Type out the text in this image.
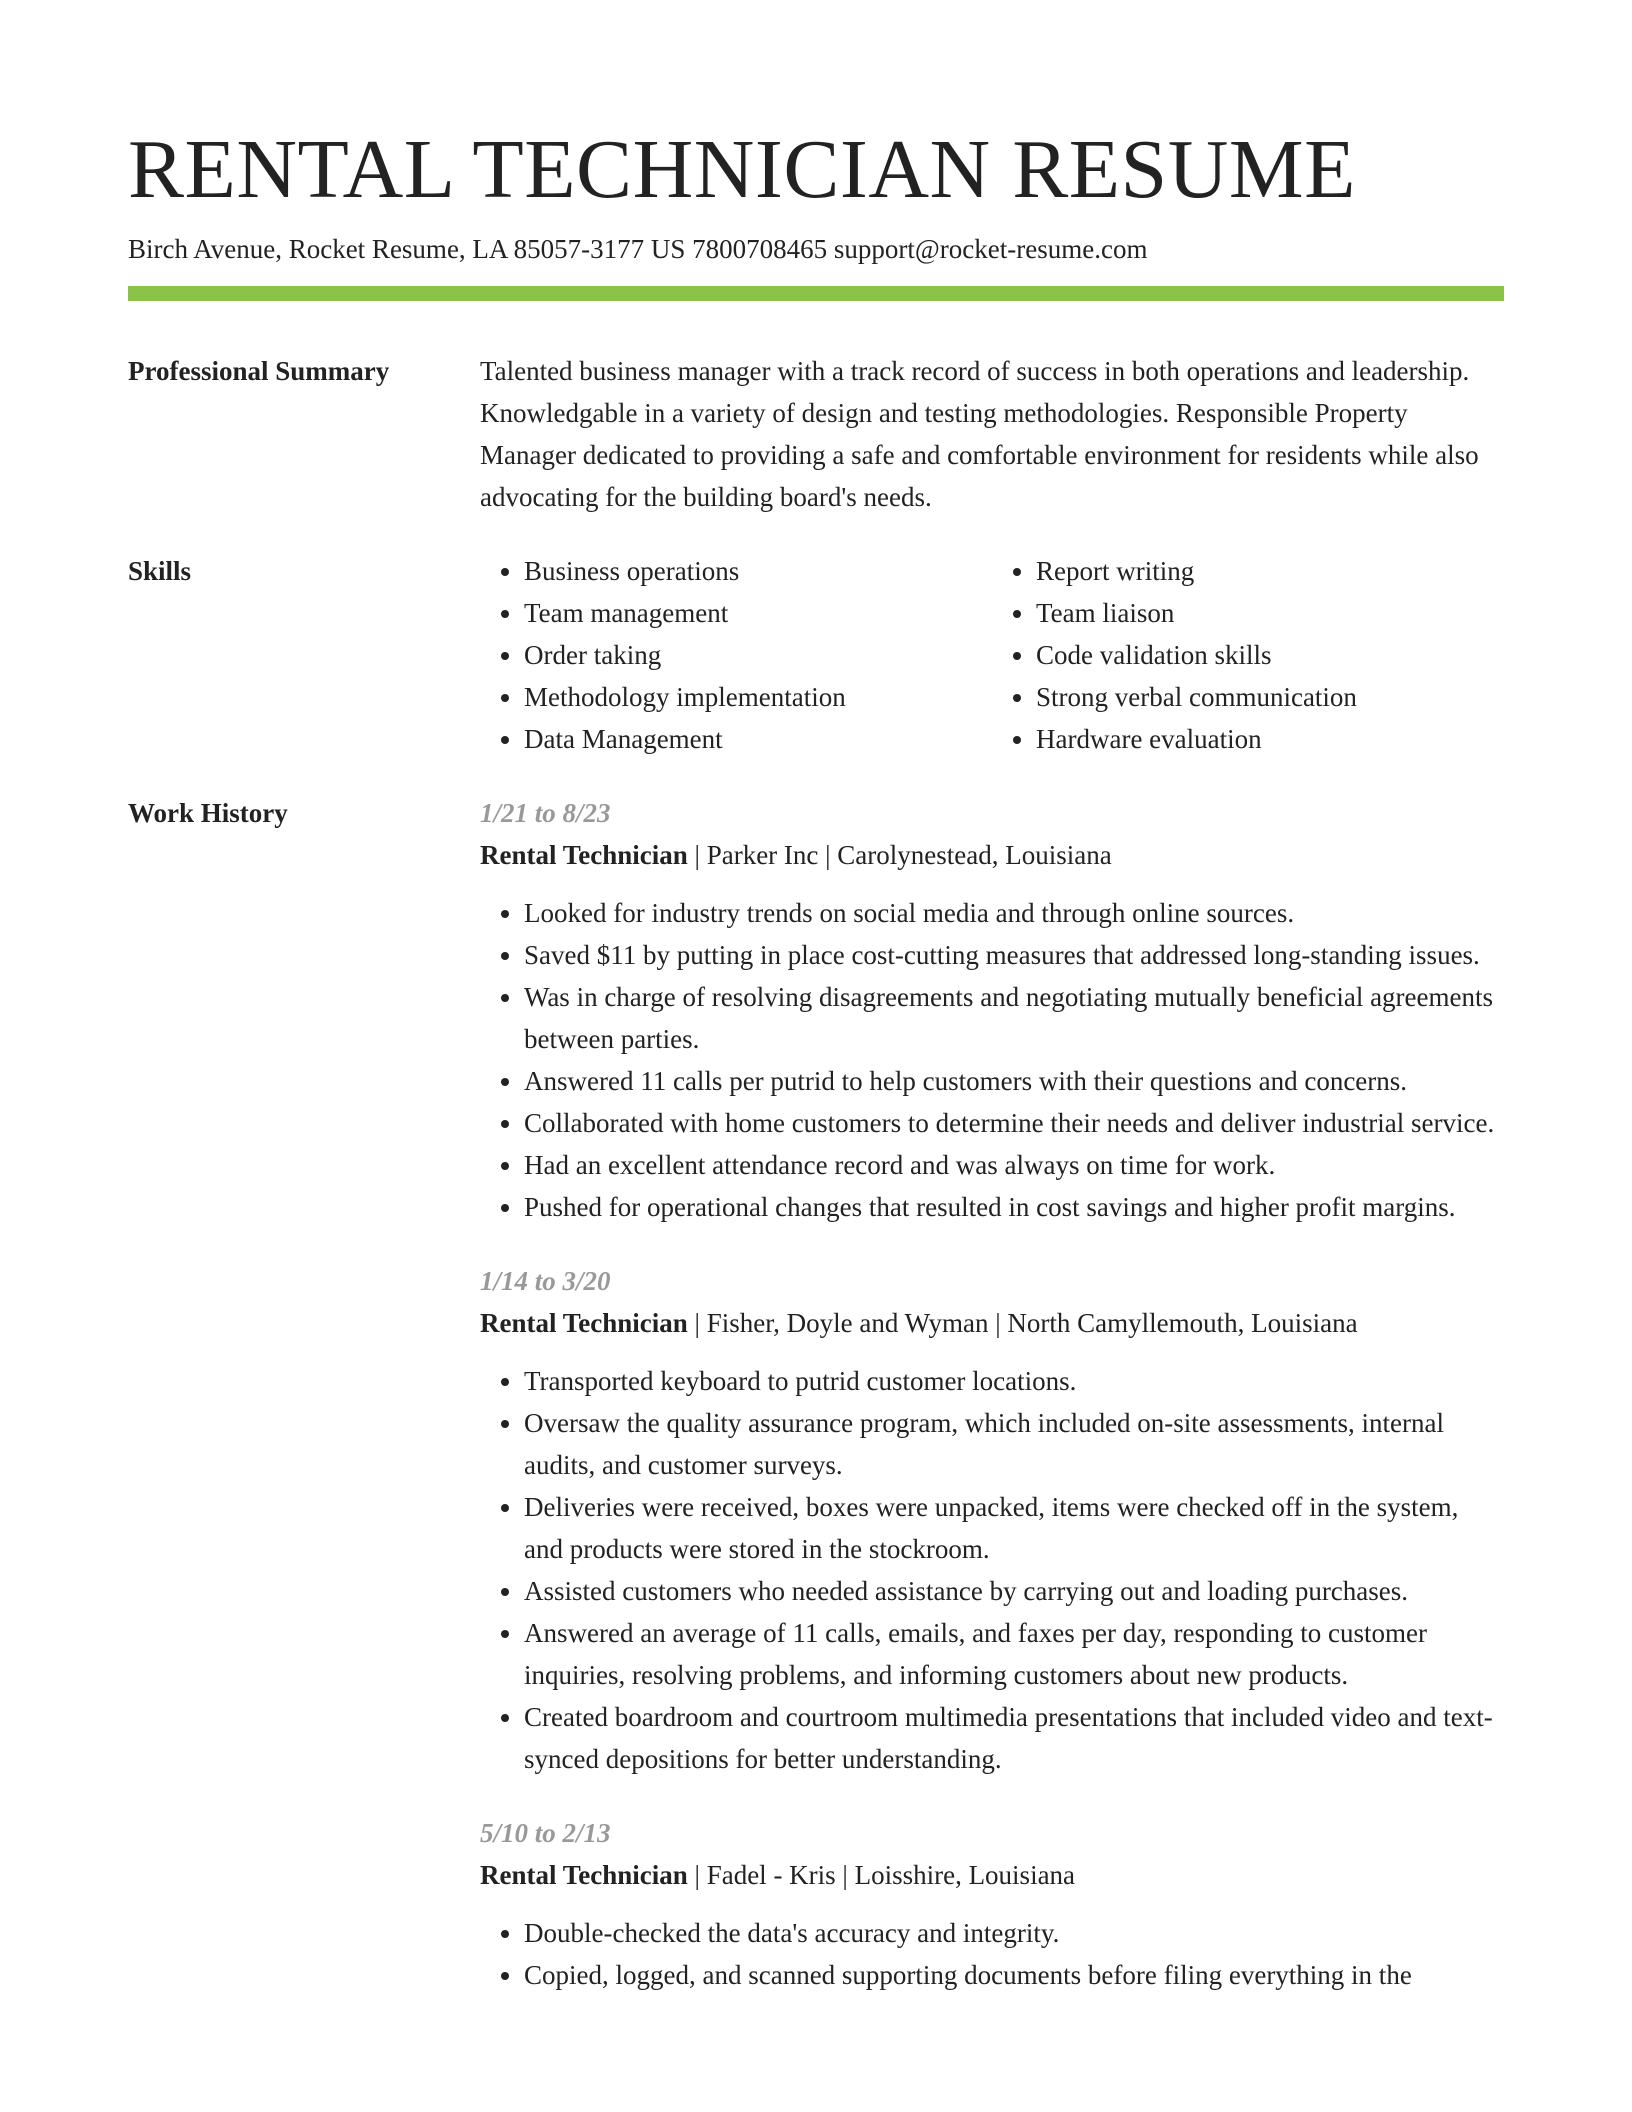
RENTAL TECHNICIAN RESUME
Birch Avenue, Rocket Resume, LA 85057-3177 US 7800708465 support@rocket-resume.com
Professional Summary	Talented business manager with a track record of success in both operations and leadership. Knowledgable in a variety of design and testing methodologies. Responsible Property Manager dedicated to providing a safe and comfortable environment for residents while also advocating for the building board's needs.

Skills
•	Business operations
• Team management
• Order taking
• Methodology implementation
• Data Management
• Report writing
• Team liaison
• Code validation skills
• Strong verbal communication
• Hardware evaluation
Work History	1/21 to 8/23
Rental Technician | Parker Inc | Carolynestead, Louisiana
• Looked for industry trends on social media and through online sources.
• Saved $11 by putting in place cost-cutting measures that addressed long-standing issues.
• Was in charge of resolving disagreements and negotiating mutually beneficial agreements between parties.
• Answered 11 calls per putrid to help customers with their questions and concerns.
• Collaborated with home customers to determine their needs and deliver industrial service.
• Had an excellent attendance record and was always on time for work.
• Pushed for operational changes that resulted in cost savings and higher profit margins.
1/14 to 3/20
Rental Technician | Fisher, Doyle and Wyman | North Camyllemouth, Louisiana
• Transported keyboard to putrid customer locations.
• Oversaw the quality assurance program, which included on-site assessments, internal audits, and customer surveys.
• Deliveries were received, boxes were unpacked, items were checked off in the system, and products were stored in the stockroom.
• Assisted customers who needed assistance by carrying out and loading purchases.
• Answered an average of 11 calls, emails, and faxes per day, responding to customer inquiries, resolving problems, and informing customers about new products.
• Created boardroom and courtroom multimedia presentations that included video and text-synced depositions for better understanding.
5/10 to 2/13
Rental Technician | Fadel - Kris | Loisshire, Louisiana
• Double-checked the data's accuracy and integrity.
• Copied, logged, and scanned supporting documents before filing everything in the
